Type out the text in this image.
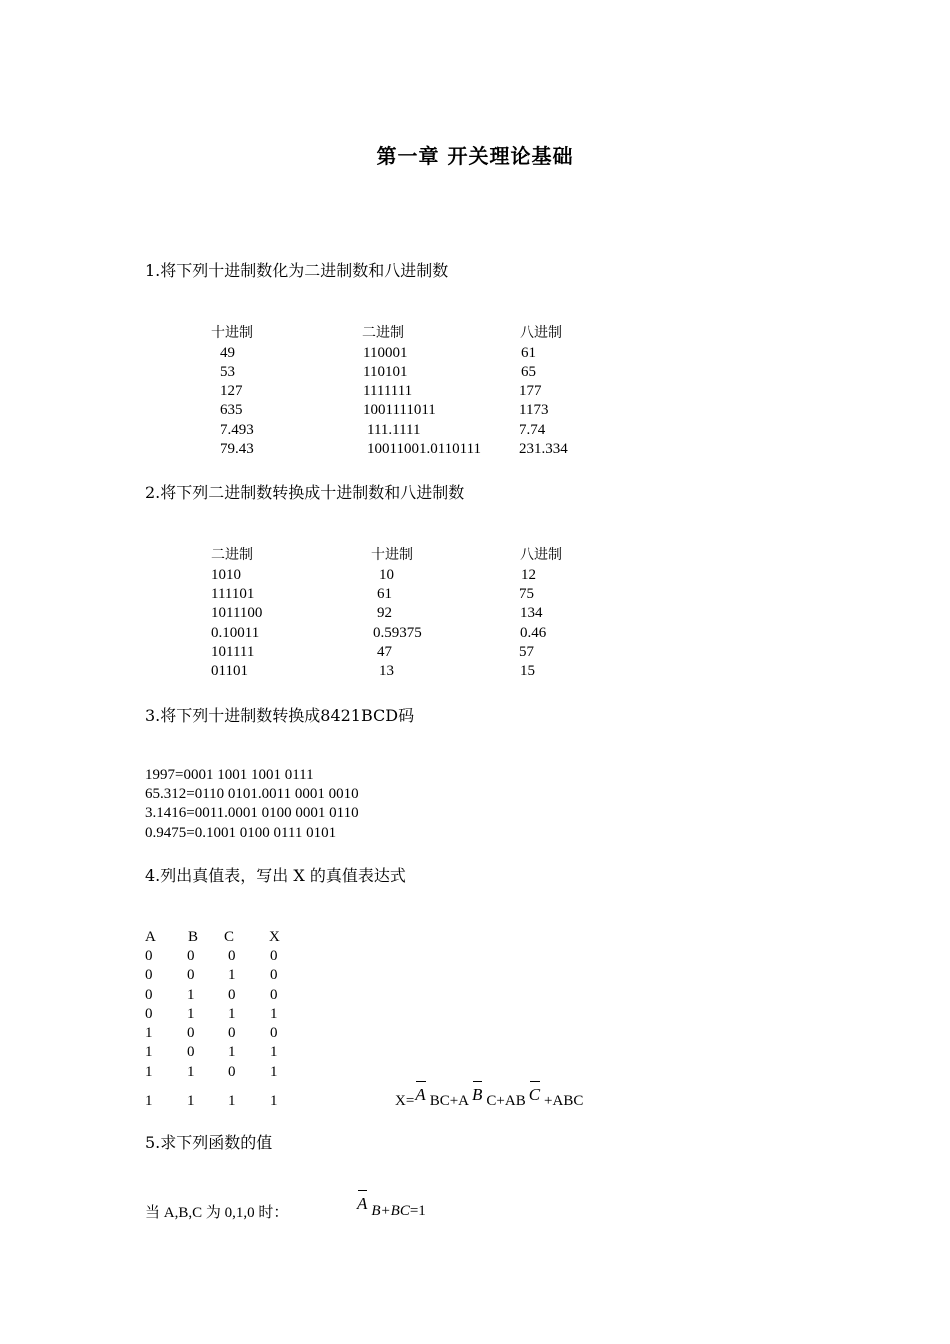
第一章 开关理论基础
1.将下列十进制数化为二进制数和八进制数
十进制	二进制	八进制
49	110001	61
53	110101	65
127	1111111	177
635	1001111011	1173
7.493	111.1111	7.74
79.43	10011001.0110111	231.334
2.将下列二进制数转换成十进制数和八进制数
二进制	十进制	八进制
1010	10	12
111101	61	75
1011100	92	134
0.10011	0.59375	0.46
101111	47	57
01101	13	15
3.将下列十进制数转换成8421BCD码
1997=0001 1001 1001 0111
65.312=0110 0101.0011 0001 0010
3.1416=0011.0001 0100 0001 0110
0.9475=0.1001 0100 0111 0101
4.列出真值表，写出 X 的真值表达式
A B C X
0 0 0 0
0 0 1 0
0 1 0 0
0 1 1 1
1 0 0 0
1 0 1 1
1 1 0 1
1 1 1 1	X=A BC+A B C+AB C +ABC
5.求下列函数的值
当 A,B,C 为 0,1,0 时：	A B+BC=1
